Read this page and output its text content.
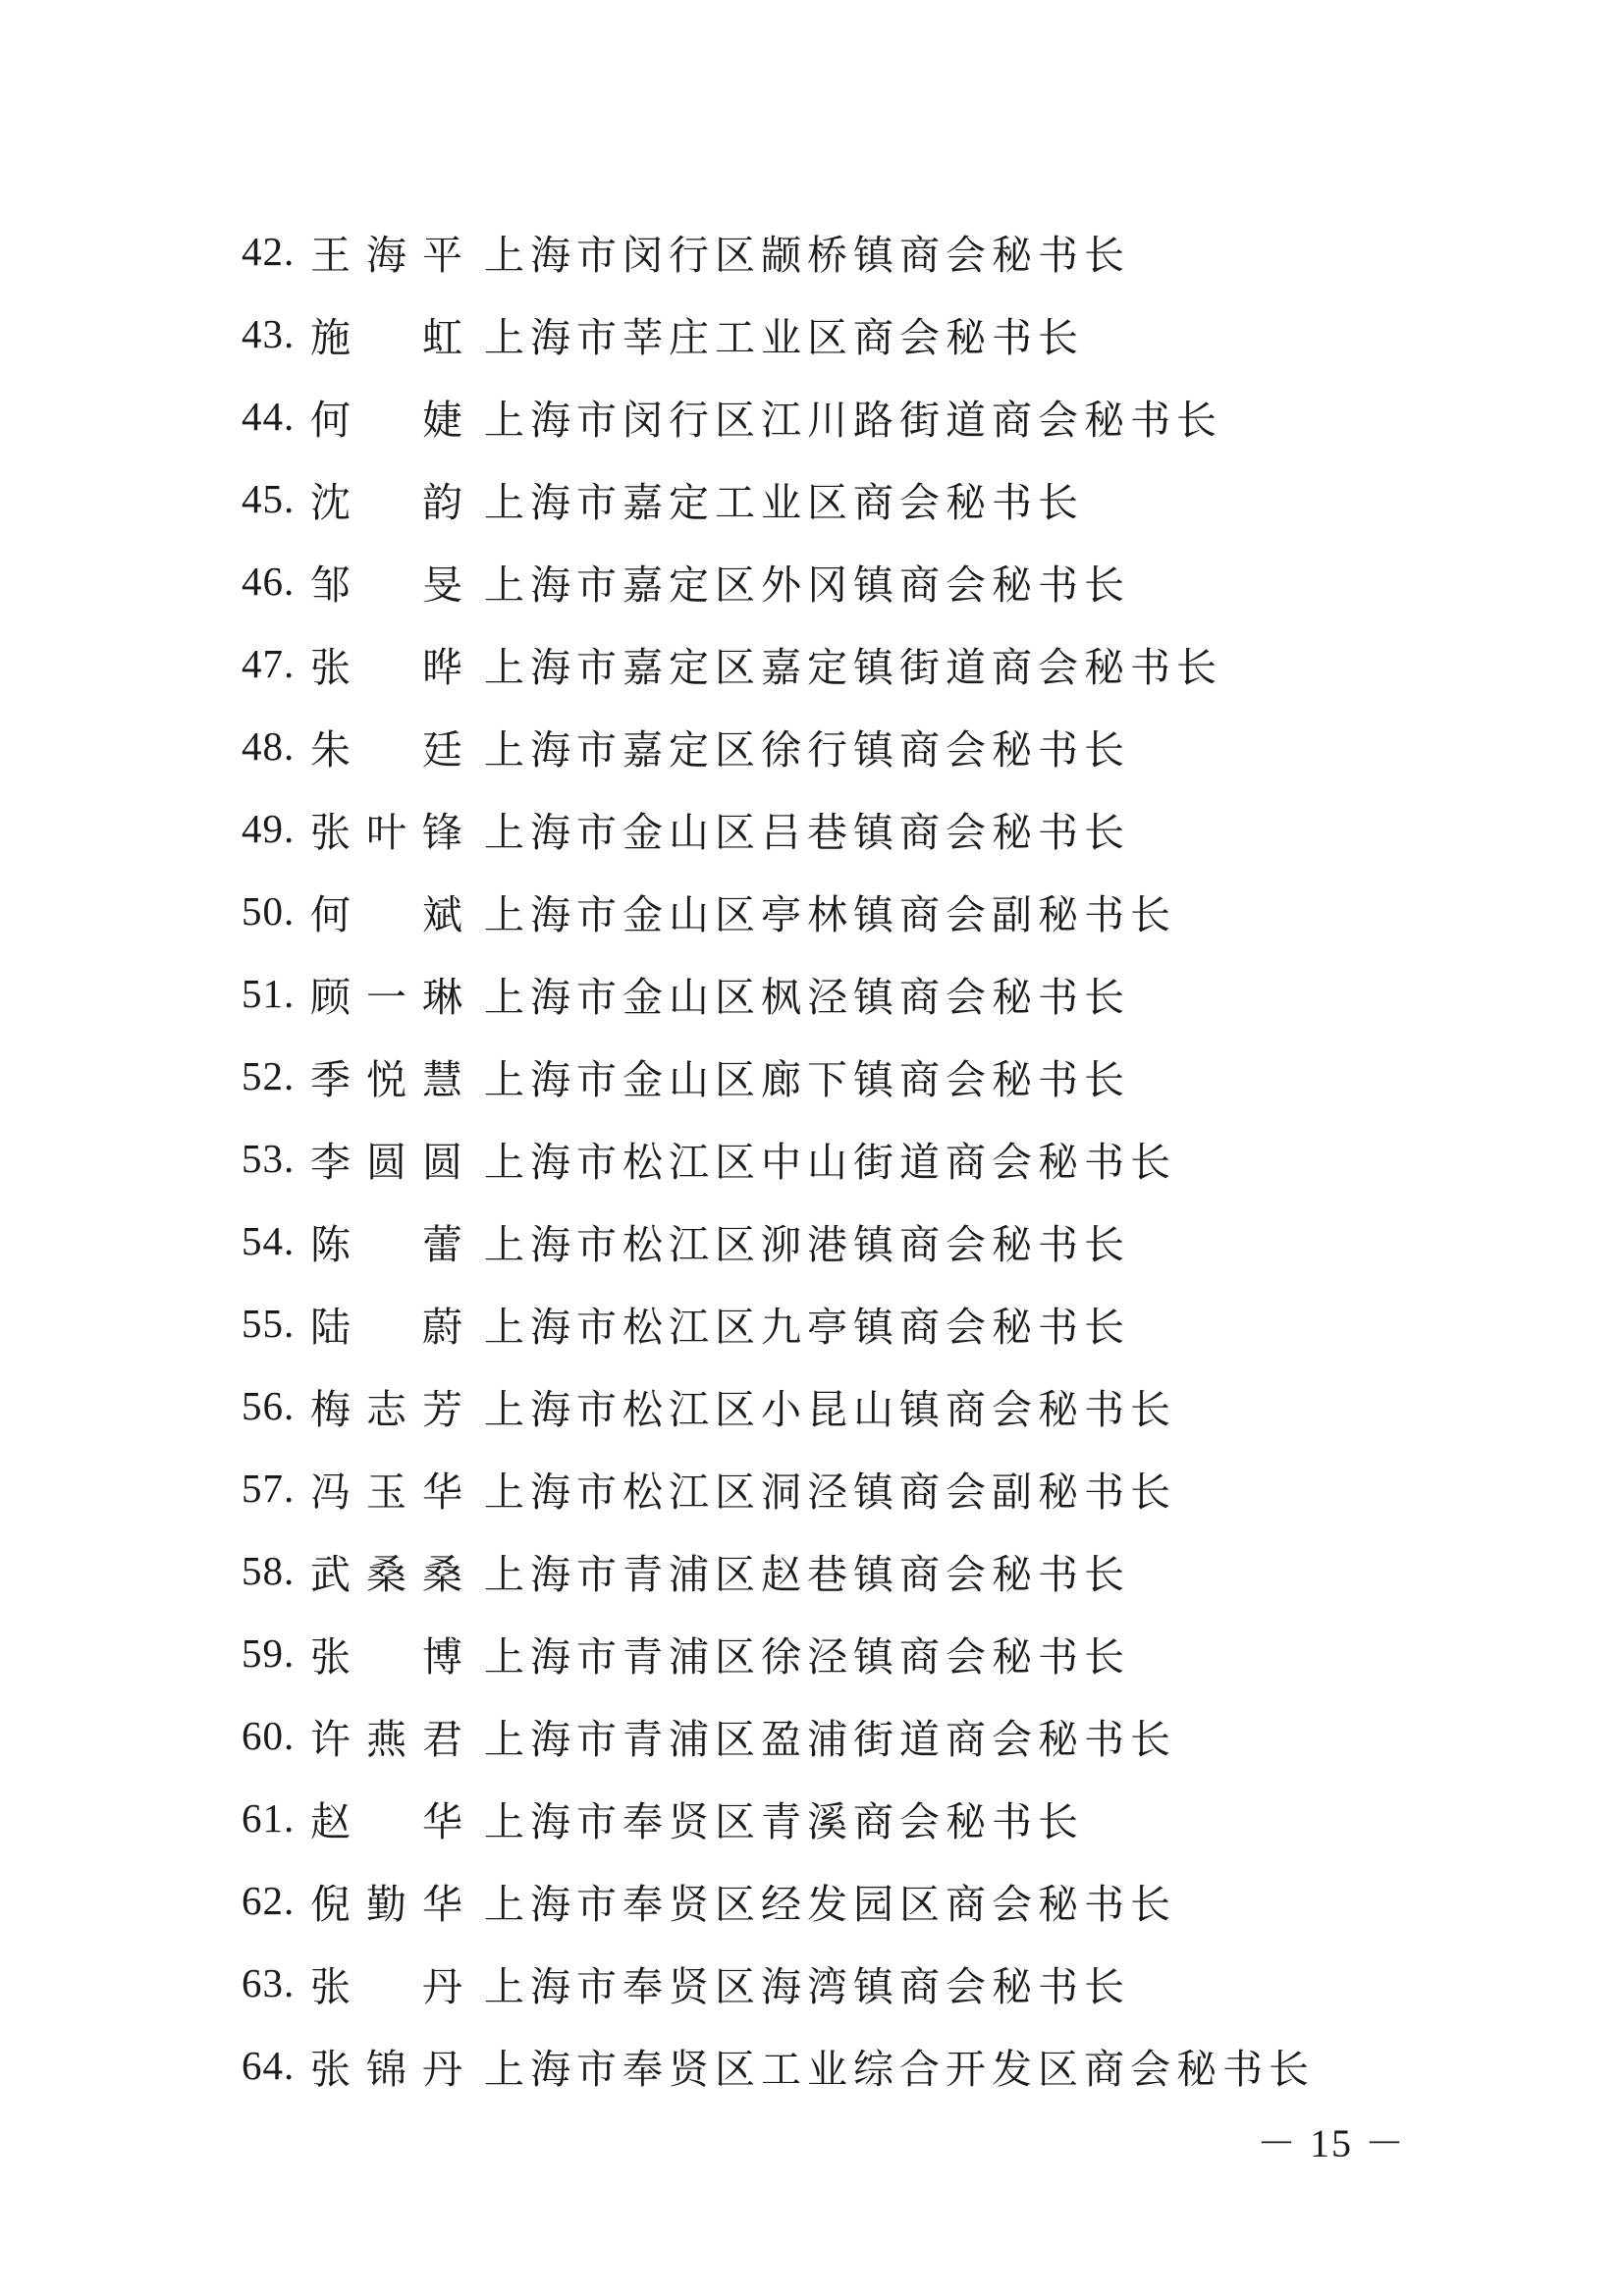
42. 王海平 上海市闵行区颛桥镇商会秘书长
43. 施　虹 上海市莘庄工业区商会秘书长
44. 何　婕 上海市闵行区江川路街道商会秘书长
45. 沈　韵 上海市嘉定工业区商会秘书长
46. 邹　旻 上海市嘉定区外冈镇商会秘书长
47. 张　晔 上海市嘉定区嘉定镇街道商会秘书长
48. 朱　廷 上海市嘉定区徐行镇商会秘书长
49. 张叶锋 上海市金山区吕巷镇商会秘书长
50. 何　斌 上海市金山区亭林镇商会副秘书长
51. 顾一琳 上海市金山区枫泾镇商会秘书长
52. 季悦慧 上海市金山区廊下镇商会秘书长
53. 李圆圆 上海市松江区中山街道商会秘书长
54. 陈　蕾 上海市松江区泖港镇商会秘书长
55. 陆　蔚 上海市松江区九亭镇商会秘书长
56. 梅志芳 上海市松江区小昆山镇商会秘书长
57. 冯玉华 上海市松江区洞泾镇商会副秘书长
58. 武桑桑 上海市青浦区赵巷镇商会秘书长
59. 张　博 上海市青浦区徐泾镇商会秘书长
60. 许燕君 上海市青浦区盈浦街道商会秘书长
61. 赵　华 上海市奉贤区青溪商会秘书长
62. 倪勤华 上海市奉贤区经发园区商会秘书长
63. 张　丹 上海市奉贤区海湾镇商会秘书长
64. 张锦丹 上海市奉贤区工业综合开发区商会秘书长
－ 15 －
